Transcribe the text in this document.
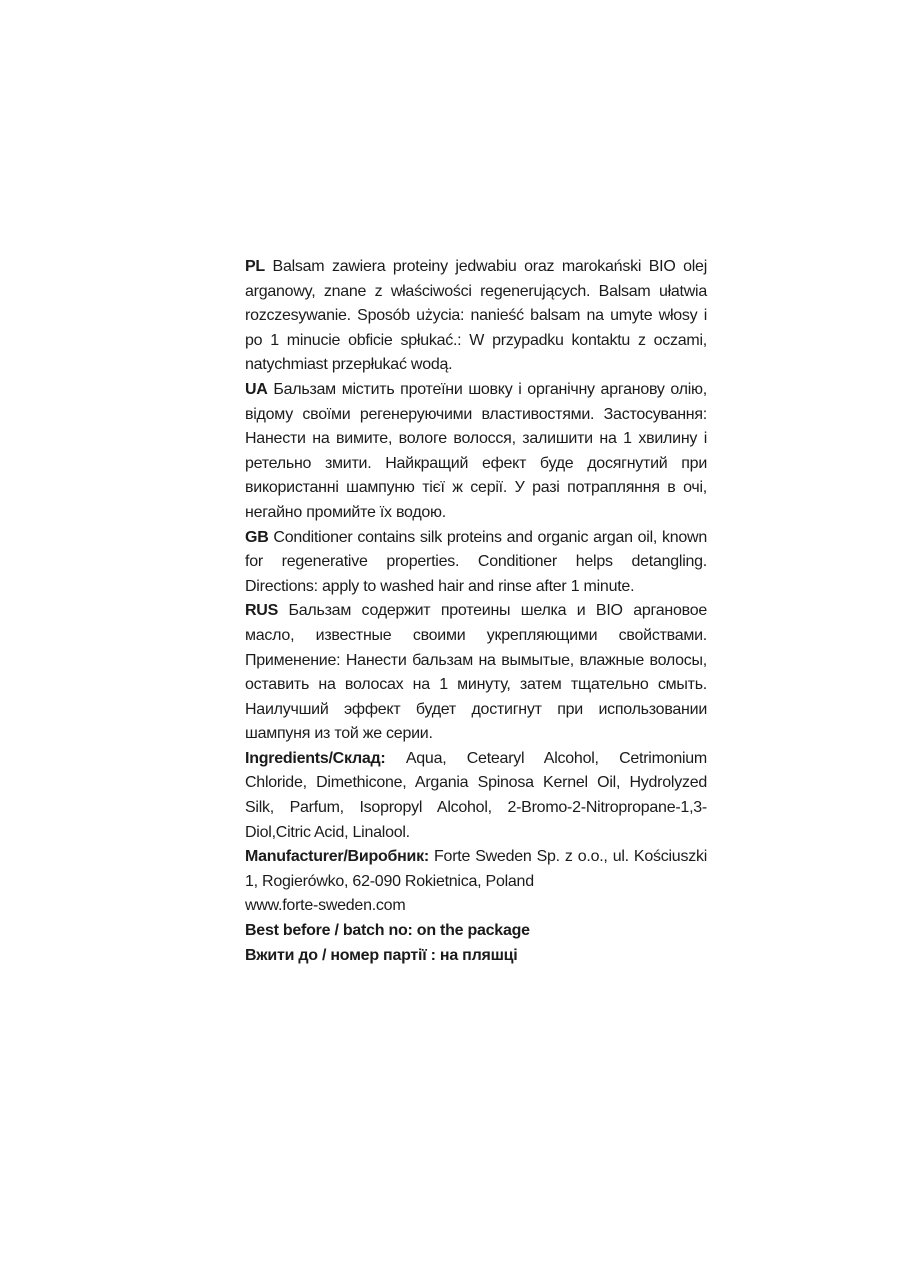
PL Balsam zawiera proteiny jedwabiu oraz marokański BIO olej arganowy, znane z właściwości regenerujących. Balsam ułatwia rozczesywanie. Sposób użycia: nanieść balsam na umyte włosy i po 1 minucie obficie spłukać.: W przypadku kontaktu z oczami, natychmiast przepłukać wodą.

UA Бальзам містить протеїни шовку і органічну арганову олію, відому своїми регенеруючими властивостями. Застосування: Нанести на вимите, вологе волосся, залишити на 1 хвилину і ретельно змити. Найкращий ефект буде досягнутий при використанні шампуню тієї ж серії. У разі потрапляння в очі, негайно промийте їх водою.

GB Conditioner contains silk proteins and organic argan oil, known for regenerative properties. Conditioner helps detangling. Directions: apply to washed hair and rinse after 1 minute.

RUS Бальзам содержит протеины шелка и BIO аргановое масло, известные своими укрепляющими свойствами. Применение: Нанести бальзам на вымытые, влажные волосы, оставить на волосах на 1 минуту, затем тщательно смыть. Наилучший эффект будет достигнут при использовании шампуня из той же серии.

Ingredients/Склад: Aqua, Cetearyl Alcohol, Cetrimonium Chloride, Dimethicone, Argania Spinosa Kernel Oil, Hydrolyzed Silk, Parfum, Isopropyl Alcohol, 2-Bromo-2-Nitropropane-1,3-Diol,Citric Acid, Linalool.

Manufacturer/Виробник: Forte Sweden Sp. z o.o., ul. Kościuszki 1, Rogierówko, 62-090 Rokietnica, Poland

www.forte-sweden.com

Best before / batch no: on the package

Вжити до / номер партії : на пляшці
